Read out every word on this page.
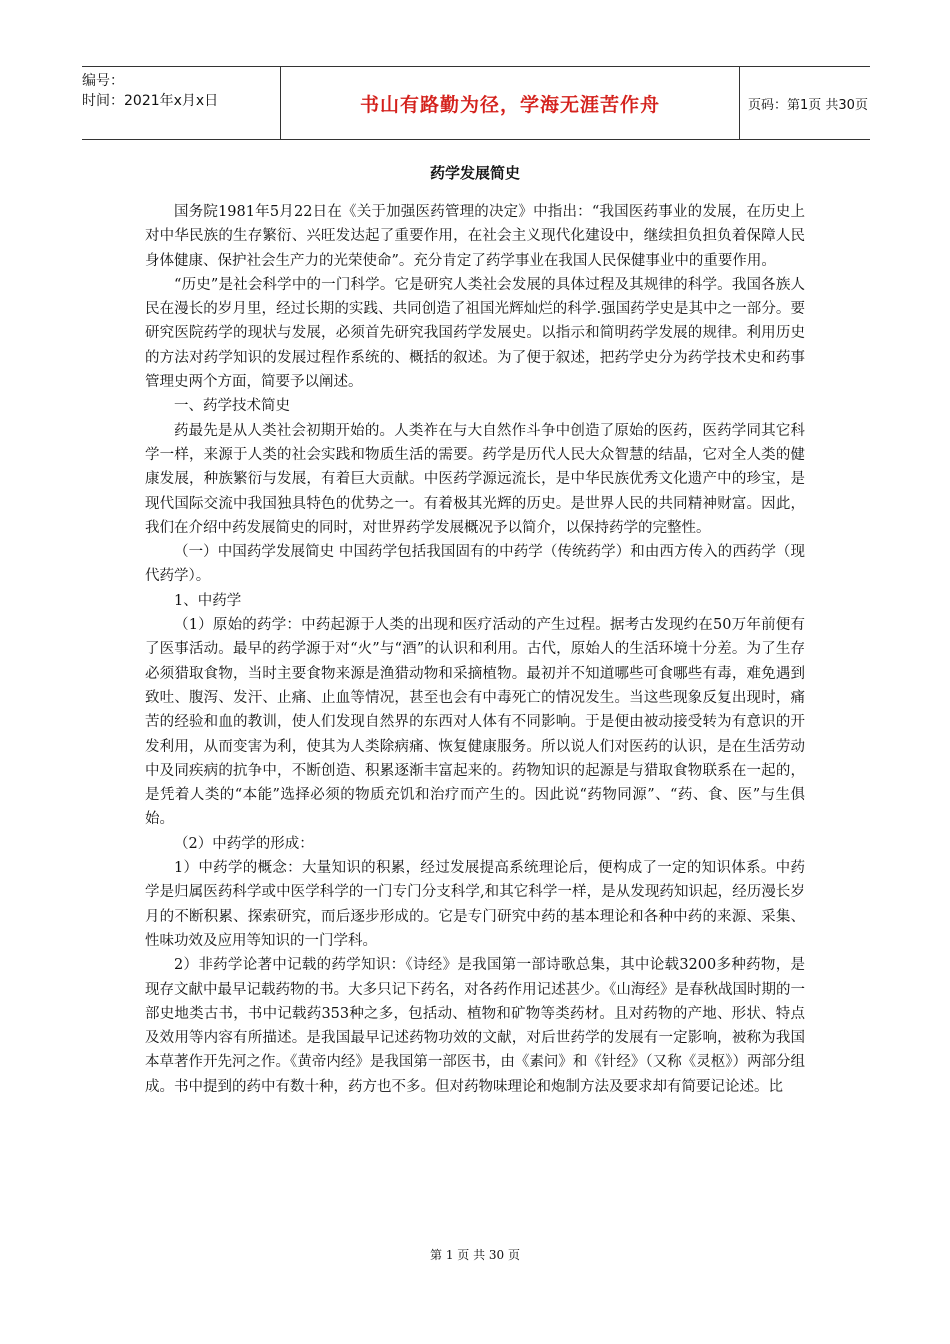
编号：
时间：2021年x月x日	书山有路勤为径，学海无涯苦作舟	页码：第1页 共30页
药学发展简史

国务院1981年5月22日在《关于加强医药管理的决定》中指出：“我国医药事业的发展，在历史上对中华民族的生存繁衍、兴旺发达起了重要作用，在社会主义现代化建设中，继续担负担负着保障人民身体健康、保护社会生产力的光荣使命”。充分肯定了药学事业在我国人民保健事业中的重要作用。

“历史”是社会科学中的一门科学。它是研究人类社会发展的具体过程及其规律的科学。我国各族人民在漫长的岁月里，经过长期的实践、共同创造了祖国光辉灿烂的科学.强国药学史是其中之一部分。要研究医院药学的现状与发展，必须首先研究我国药学发展史。以指示和简明药学发展的规律。利用历史的方法对药学知识的发展过程作系统的、概括的叙述。为了便于叙述，把药学史分为药学技术史和药事管理史两个方面，简要予以阐述。

一、药学技术简史

药最先是从人类社会初期开始的。人类祚在与大自然作斗争中创造了原始的医药，医药学同其它科学一样，来源于人类的社会实践和物质生活的需要。药学是历代人民大众智慧的结晶，它对全人类的健康发展，种族繁衍与发展，有着巨大贡献。中医药学源远流长，是中华民族优秀文化遗产中的珍宝，是现代国际交流中我国独具特色的优势之一。有着极其光辉的历史。是世界人民的共同精神财富。因此，我们在介绍中药发展简史的同时，对世界药学发展概况予以简介，以保持药学的完整性。

（一）中国药学发展简史 中国药学包括我国固有的中药学（传统药学）和由西方传入的西药学（现代药学）。

1、中药学

（1）原始的药学：中药起源于人类的出现和医疗活动的产生过程。据考古发现约在50万年前便有了医事活动。最早的药学源于对“火”与“酒”的认识和利用。古代，原始人的生活环境十分差。为了生存必须猎取食物，当时主要食物来源是渔猎动物和采摘植物。最初并不知道哪些可食哪些有毒，难免遇到致吐、腹泻、发汗、止痛、止血等情况，甚至也会有中毒死亡的情况发生。当这些现象反复出现时，痛苦的经验和血的教训，使人们发现自然界的东西对人体有不同影响。于是便由被动接受转为有意识的开发利用，从而变害为利，使其为人类除病痛、恢复健康服务。所以说人们对医药的认识，是在生活劳动中及同疾病的抗争中，不断创造、积累逐渐丰富起来的。药物知识的起源是与猎取食物联系在一起的，是凭着人类的“本能”选择必须的物质充饥和治疗而产生的。因此说“药物同源”、“药、食、医”与生俱始。

（2）中药学的形成：

1）中药学的概念：大量知识的积累，经过发展提高系统理论后，便构成了一定的知识体系。中药学是归属医药科学或中医学科学的一门专门分支科学,和其它科学一样，是从发现药知识起，经历漫长岁月的不断积累、探索研究，而后逐步形成的。它是专门研究中药的基本理论和各种中药的来源、采集、性味功效及应用等知识的一门学科。

2）非药学论著中记载的药学知识：《诗经》是我国第一部诗歌总集，其中论载3200多种药物，是现存文献中最早记载药物的书。大多只记下药名，对各药作用记述甚少。《山海经》是春秋战国时期的一部史地类古书，书中记载药353种之多，包括动、植物和矿物等类药材。且对药物的产地、形状、特点及效用等内容有所描述。是我国最早记述药物功效的文献，对后世药学的发展有一定影响，被称为我国本草著作开先河之作。《黄帝内经》是我国第一部医书，由《素问》和《针经》（又称《灵枢》）两部分组成。书中提到的药中有数十种，药方也不多。但对药物味理论和炮制方法及要求却有简要记论述。比

第 1 页 共 30 页
